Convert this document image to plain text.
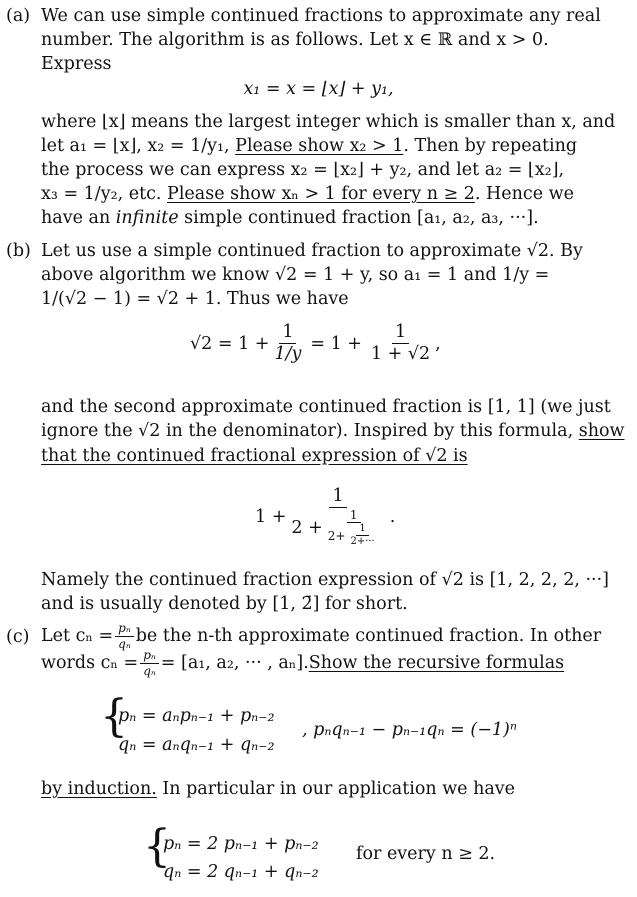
(a) We can use simple continued fractions to approximate any real
number. The algorithm is as follows. Let x ∈ ℝ and x > 0.
Express
x₁ = x = ⌊x⌋ + y₁,
where ⌊x⌋ means the largest integer which is smaller than x, and
let a₁ = ⌊x⌋, x₂ = 1/y₁, Please show x₂ > 1. Then by repeating
the process we can express x₂ = ⌊x₂⌋ + y₂, and let a₂ = ⌊x₂⌋,
x₃ = 1/y₂, etc. Please show xₙ > 1 for every n ≥ 2. Hence we
have an infinite simple continued fraction [a₁, a₂, a₃, ···].
(b) Let us use a simple continued fraction to approximate √2. By
above algorithm we know √2 = 1 + y, so a₁ = 1 and 1/y =
1/(√2 − 1) = √2 + 1. Thus we have
$√2 = 1 + \frac{1}{1/y} = 1 + \frac{1}{1 + √2}$ ,
and the second approximate continued fraction is [1, 1] (we just
ignore the √2 in the denominator). Inspired by this formula, show
that the continued fractional expression of √2 is
1 +
1
$2 + \frac{1}{2+ \frac{1}{2+\cdot\cdot\cdot}}$ .
Namely the continued fraction expression of √2 is [1, 2, 2, 2, ···]
and is usually denoted by [1, 2̄] for short.
(c) Let $c_n = \frac{\text{pₙ}}{\text{qₙ}}$ be the n-th approximate continued fraction. In other
words $c_n = \frac{\text{pₙ}}{\text{qₙ}} = [a_1$, a₂, ··· , aₙ]. Show the recursive formulas
{
pₙ = aₙpₙ₋₁ + pₙ₋₂
qₙ = aₙqₙ₋₁ + qₙ₋₂
, pₙqₙ₋₁ − pₙ₋₁qₙ = (−1)ⁿ
by induction. In particular in our application we have
{
pₙ = 2 pₙ₋₁ + pₙ₋₂
qₙ = 2 qₙ₋₁ + qₙ₋₂
for every n ≥ 2.
